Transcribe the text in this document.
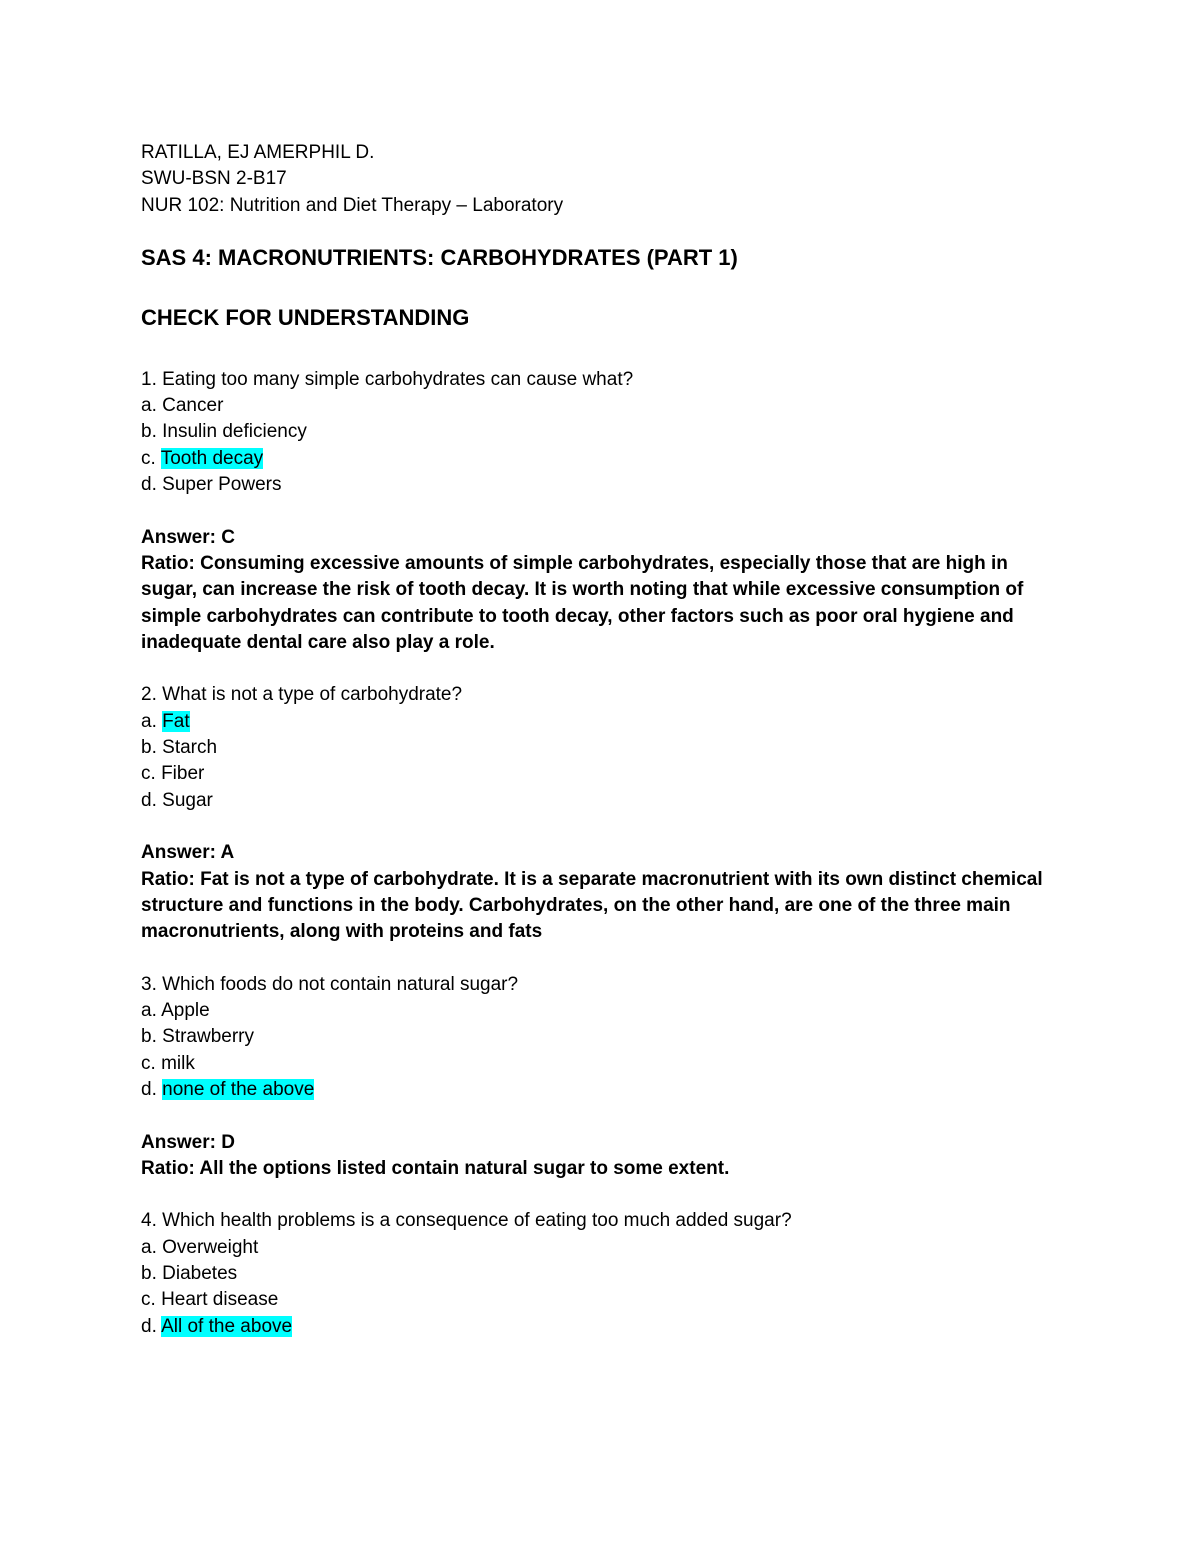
RATILLA, EJ AMERPHIL D.

SWU-BSN 2-B17

NUR 102: Nutrition and Diet Therapy – Laboratory

SAS 4: MACRONUTRIENTS: CARBOHYDRATES (PART 1)

CHECK FOR UNDERSTANDING

1. Eating too many simple carbohydrates can cause what?

a. Cancer

b. Insulin deficiency

c. Tooth decay

d. Super Powers

Answer: C

Ratio: Consuming excessive amounts of simple carbohydrates, especially those that are high in sugar, can increase the risk of tooth decay. It is worth noting that while excessive consumption of simple carbohydrates can contribute to tooth decay, other factors such as poor oral hygiene and inadequate dental care also play a role.

2. What is not a type of carbohydrate?

a. Fat

b. Starch

c. Fiber

d. Sugar

Answer: A

Ratio: Fat is not a type of carbohydrate. It is a separate macronutrient with its own distinct chemical structure and functions in the body. Carbohydrates, on the other hand, are one of the three main macronutrients, along with proteins and fats

3. Which foods do not contain natural sugar?

a. Apple

b. Strawberry

c. milk

d. none of the above

Answer: D

Ratio: All the options listed contain natural sugar to some extent.

4. Which health problems is a consequence of eating too much added sugar?

a. Overweight

b. Diabetes

c. Heart disease

d. All of the above
